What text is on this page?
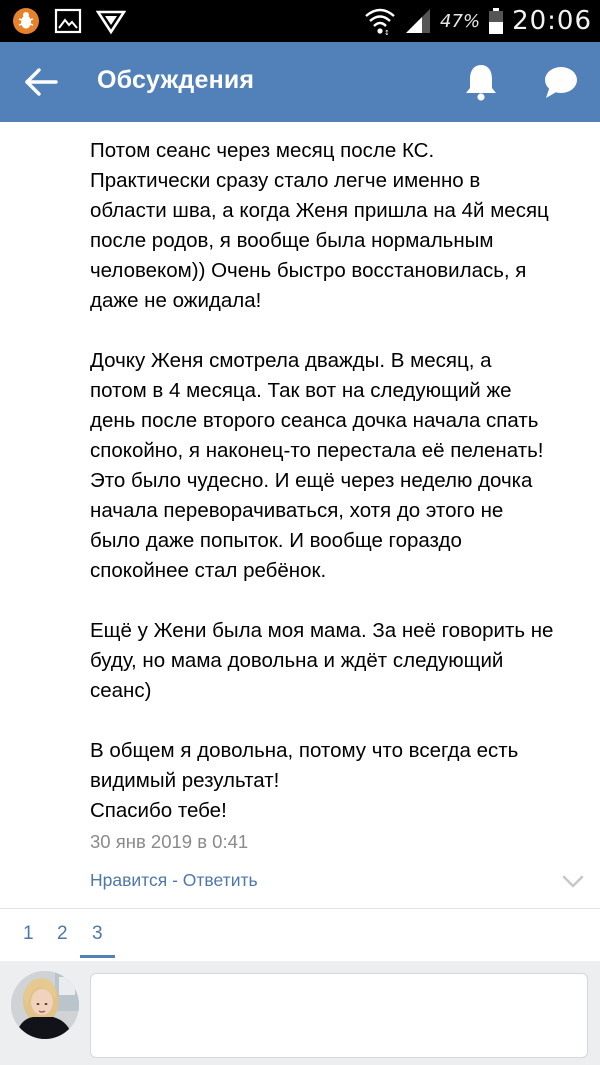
↕
47% 20:06
Обсуждения

Потом сеанс через месяц после КС.
Практически сразу стало легче именно в
области шва, а когда Женя пришла на 4й месяц
после родов, я вообще была нормальным
человеком)) Очень быстро восстановилась, я
даже не ожидала!

Дочку Женя смотрела дважды. В месяц, а
потом в 4 месяца. Так вот на следующий же
день после второго сеанса дочка начала спать
спокойно, я наконец-то перестала её пеленать!
Это было чудесно. И ещё через неделю дочка
начала переворачиваться, хотя до этого не
было даже попыток. И вообще гораздо
спокойнее стал ребёнок.

Ещё у Жени была моя мама. За неё говорить не
буду, но мама довольна и ждёт следующий
сеанс)

В общем я довольна, потому что всегда есть
видимый результат!
Спасибо тебе!

30 янв 2019 в 0:41
Нравится - Ответить
1 2 3
